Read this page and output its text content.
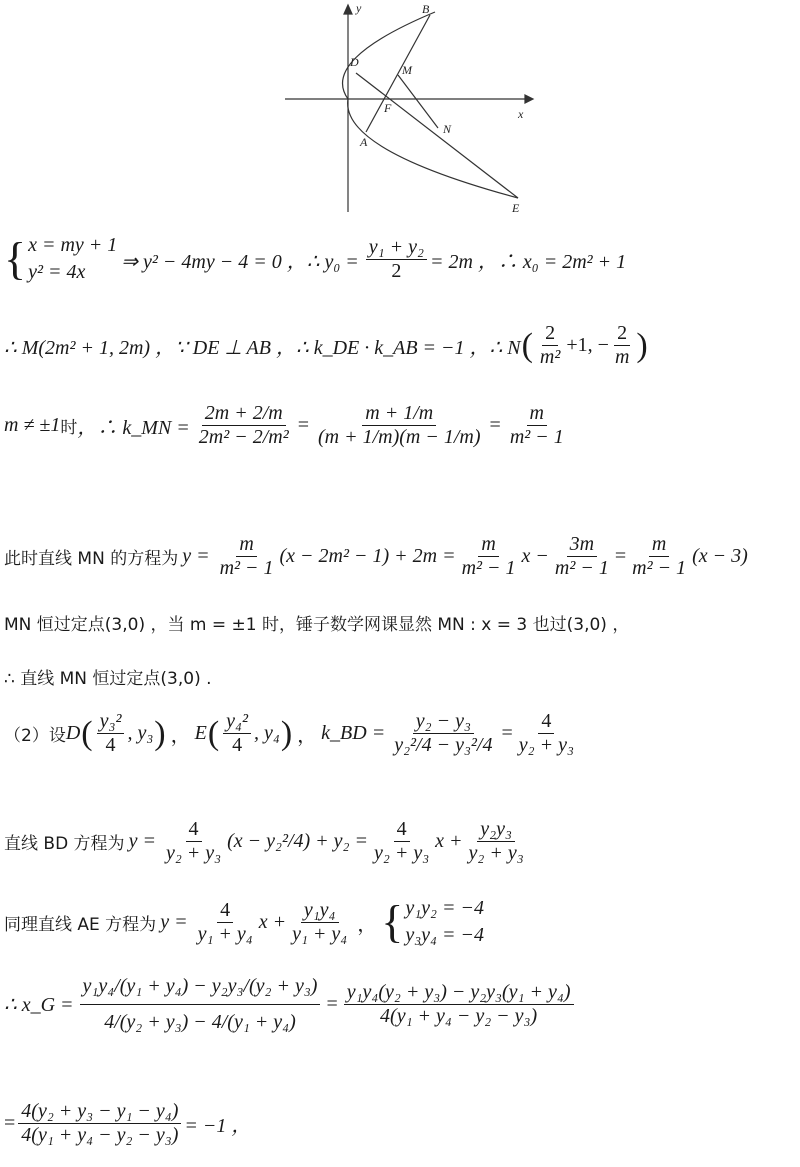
y
x
B
D
M
F
N
A
E
{ x = my + 1
y² = 4x	⇒ y² − 4my − 4 = 0 ，∴ $y_0 = \frac{\text{y₁ + y₂}}{2} = 2m$ ，∴ x₀ = 2m² + 1
∴ M(2m² + 1, 2m) ，∵ DE ⊥ AB ，∴ k_DE · k_AB = −1 ，∴ N ( $\frac{2}{\text{m²}} +1$, − $\frac{2}{m}$ )
m ≠ ±1 时 ，∴ k_MN = $\frac{2m + 2/m}{\text{2m² − 2/m²}} = \frac{m + 1/m}{(m + 1/m)(m - 1/m)} = \frac{m}{\text{m² − 1}}$
此时直线 MN 的方程为 $y = \frac{m}{\text{m² − 1}} (x - 2m^2 - 1) + 2m = \frac{m}{\text{m² − 1}}$ $x - \frac{3m}{\text{m² − 1}} = \frac{m}{\text{m² − 1}} (x - 3)$
MN 恒过定点(3,0) ，当 m = ±1 时，锤子数学网课显然 MN : x = 3 也过(3,0) ，
∴ 直线 MN 恒过定点(3,0) .
（2）设 D ( $\frac{\text{y₃²}}{4}$ , y₃ ) ， E ( $\frac{\text{y₄²}}{4}$ , y₄ ) ， k_BD = $\frac{\text{y₂ − y₃}}{\text{y₂²/4 − y₃²/4}} = \frac{4}{\text{y₂ + y₃}}$
直线 BD 方程为 $y = \frac{4}{\text{y₂ + y₃}} (x - y_2^2/4) + y_2 = \frac{4}{\text{y₂ + y₃}}$ $x + \frac{\text{y₂y₃}}{\text{y₂ + y₃}}$
同理直线 AE 方程为 $y = \frac{4}{\text{y₁ + y₄}}$ $x + \frac{\text{y₁y₄}}{\text{y₁ + y₄}}$ ， { y₁y₂ = −4
y₃y₄ = −4
∴ x_G = $\frac{\text{y₁y₄/(y₁ + y₄) − y₂y₃/(y₂ + y₃)}}{\text{4/(y₂ + y₃) − 4/(y₁ + y₄)}} = \frac{\text{y₁y₄(y₂ + y₃) − y₂y₃(y₁ + y₄)}}{\text{4(y₁ + y₄ − y₂ − y₃)}}$
= $\frac{\text{4(y₂ + y₃ − y₁ − y₄)}}{\text{4(y₁ + y₄ − y₂ − y₃)}} = -1$ ，
